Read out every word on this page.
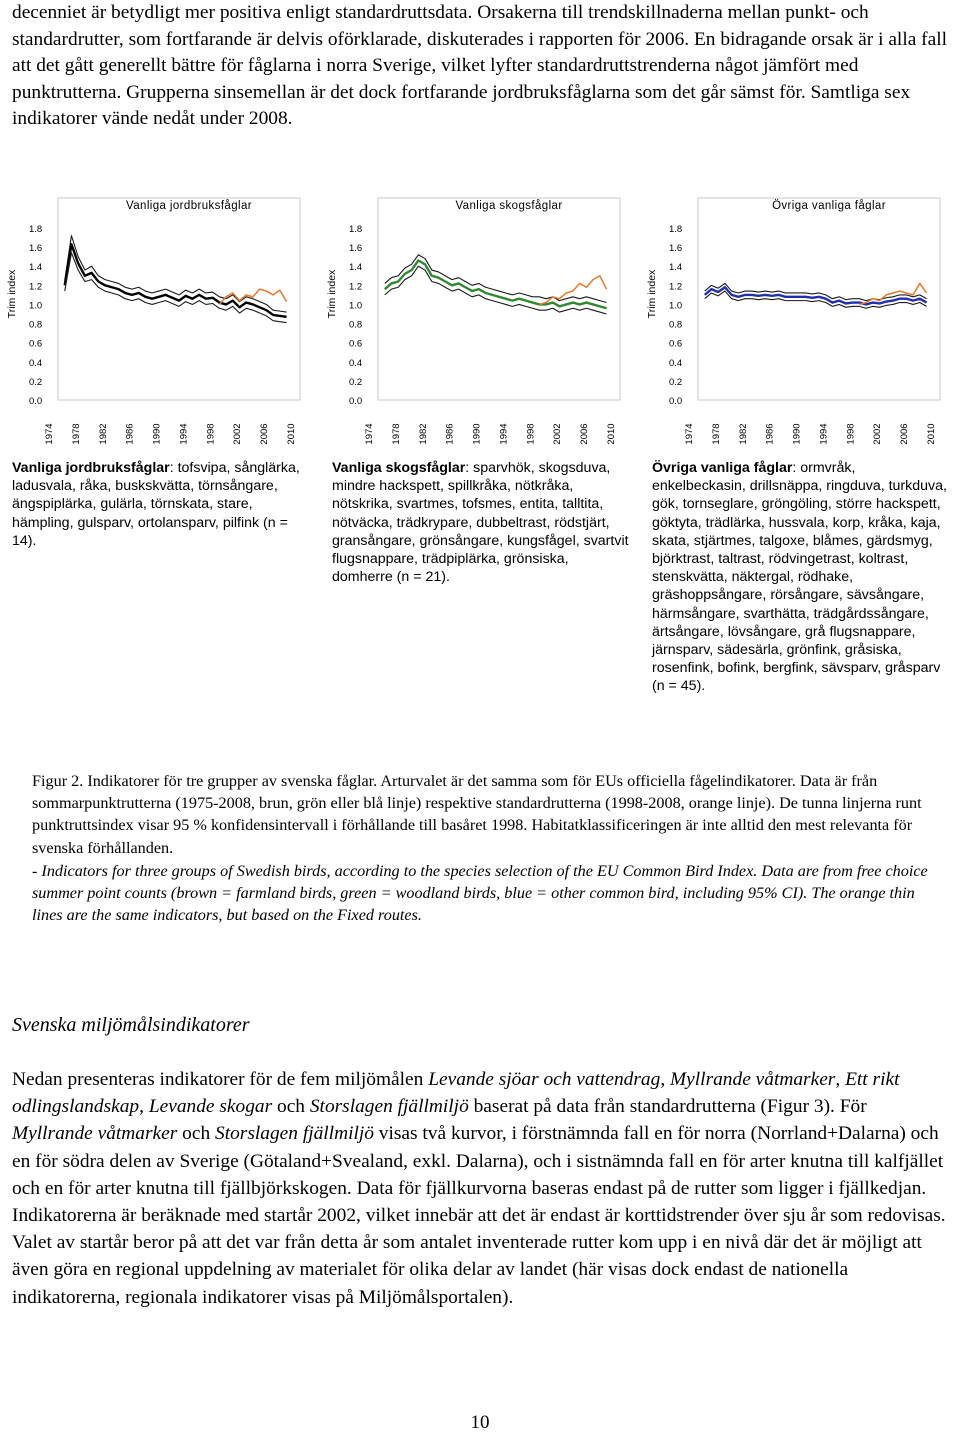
decenniet är betydligt mer positiva enligt standardruttsdata. Orsakerna till trendskillnaderna mellan punkt- och standardrutter, som fortfarande är delvis oförklarade, diskuterades i rapporten för 2006. En bidragande orsak är i alla fall att det gått generellt bättre för fåglarna i norra Sverige, vilket lyfter standardruttstrenderna något jämfört med punktrutterna. Grupperna sinsemellan är det dock fortfarande jordbruksfåglarna som det går sämst för. Samtliga sex indikatorer vände nedåt under 2008.

Vanliga jordbruksfåglar
Trim index
0.0
0.2
0.4
0.6
0.8
1.0
1.2
1.4
1.6
1.8
1974 1978 1982 1986 1990 1994 1998 2002 2006 2010
Vanliga skogsfåglar
Trim index
0.0
0.2
0.4
0.6
0.8
1.0
1.2
1.4
1.6
1.8
1974 1978 1982 1986 1990 1994 1998 2002 2006 2010
Övriga vanliga fåglar
Trim index
0.0
0.2
0.4
0.6
0.8
1.0
1.2
1.4
1.6
1.8
1974 1978 1982 1986 1990 1994 1998 2002 2006 2010

Vanliga jordbruksfåglar: tofsvipa, sånglärka, ladusvala, råka, buskskvätta, törnsångare, ängspiplärka, gulärla, törnskata, stare, hämpling, gulsparv, ortolansparv, pilfink (n = 14).

Vanliga skogsfåglar: sparvhök, skogsduva, mindre hackspett, spillkråka, nötkråka, nötskrika, svartmes, tofsmes, entita, talltita, nötväcka, trädkrypare, dubbeltrast, rödstjärt, gransångare, grönsångare, kungsfågel, svartvit flugsnappare, trädpiplärka, grönsiska, domherre (n = 21).

Övriga vanliga fåglar: ormvråk, enkelbeckasin, drillsnäppa, ringduva, turkduva, gök, tornseglare, gröngöling, större hackspett, göktyta, trädlärka, hussvala, korp, kråka, kaja, skata, stjärtmes, talgoxe, blåmes, gärdsmyg, björktrast, taltrast, rödvingetrast, koltrast, stenskvätta, näktergal, rödhake, gräshoppsångare, rörsångare, sävsångare, härmsångare, svarthätta, trädgårdssångare, ärtsångare, lövsångare, grå flugsnappare, järnsparv, sädesärla, grönfink, gråsiska, rosenfink, bofink, bergfink, sävsparv, gråsparv (n = 45).

Figur 2. Indikatorer för tre grupper av svenska fåglar. Arturvalet är det samma som för EUs officiella fågelindikatorer. Data är från sommarpunktrutterna (1975-2008, brun, grön eller blå linje) respektive standardrutterna (1998-2008, orange linje). De tunna linjerna runt punktruttsindex visar 95 % konfidensintervall i förhållande till basåret 1998. Habitatklassificeringen är inte alltid den mest relevanta för svenska förhållanden.

- Indicators for three groups of Swedish birds, according to the species selection of the EU Common Bird Index. Data are from free choice summer point counts (brown = farmland birds, green = woodland birds, blue = other common bird, including 95% CI). The orange thin lines are the same indicators, but based on the Fixed routes.

Svenska miljömålsindikatorer

Nedan presenteras indikatorer för de fem miljömålen Levande sjöar och vattendrag, Myllrande våtmarker, Ett rikt odlingslandskap, Levande skogar och Storslagen fjällmiljö baserat på data från standardrutterna (Figur 3). För Myllrande våtmarker och Storslagen fjällmiljö visas två kurvor, i förstnämnda fall en för norra (Norrland+Dalarna) och en för södra delen av Sverige (Götaland+Svealand, exkl. Dalarna), och i sistnämnda fall en för arter knutna till kalfjället och en för arter knutna till fjällbjörkskogen. Data för fjällkurvorna baseras endast på de rutter som ligger i fjällkedjan. Indikatorerna är beräknade med startår 2002, vilket innebär att det är endast är korttidstrender över sju år som redovisas. Valet av startår beror på att det var från detta år som antalet inventerade rutter kom upp i en nivå där det är möjligt att även göra en regional uppdelning av materialet för olika delar av landet (här visas dock endast de nationella indikatorerna, regionala indikatorer visas på Miljömålsportalen).

10
